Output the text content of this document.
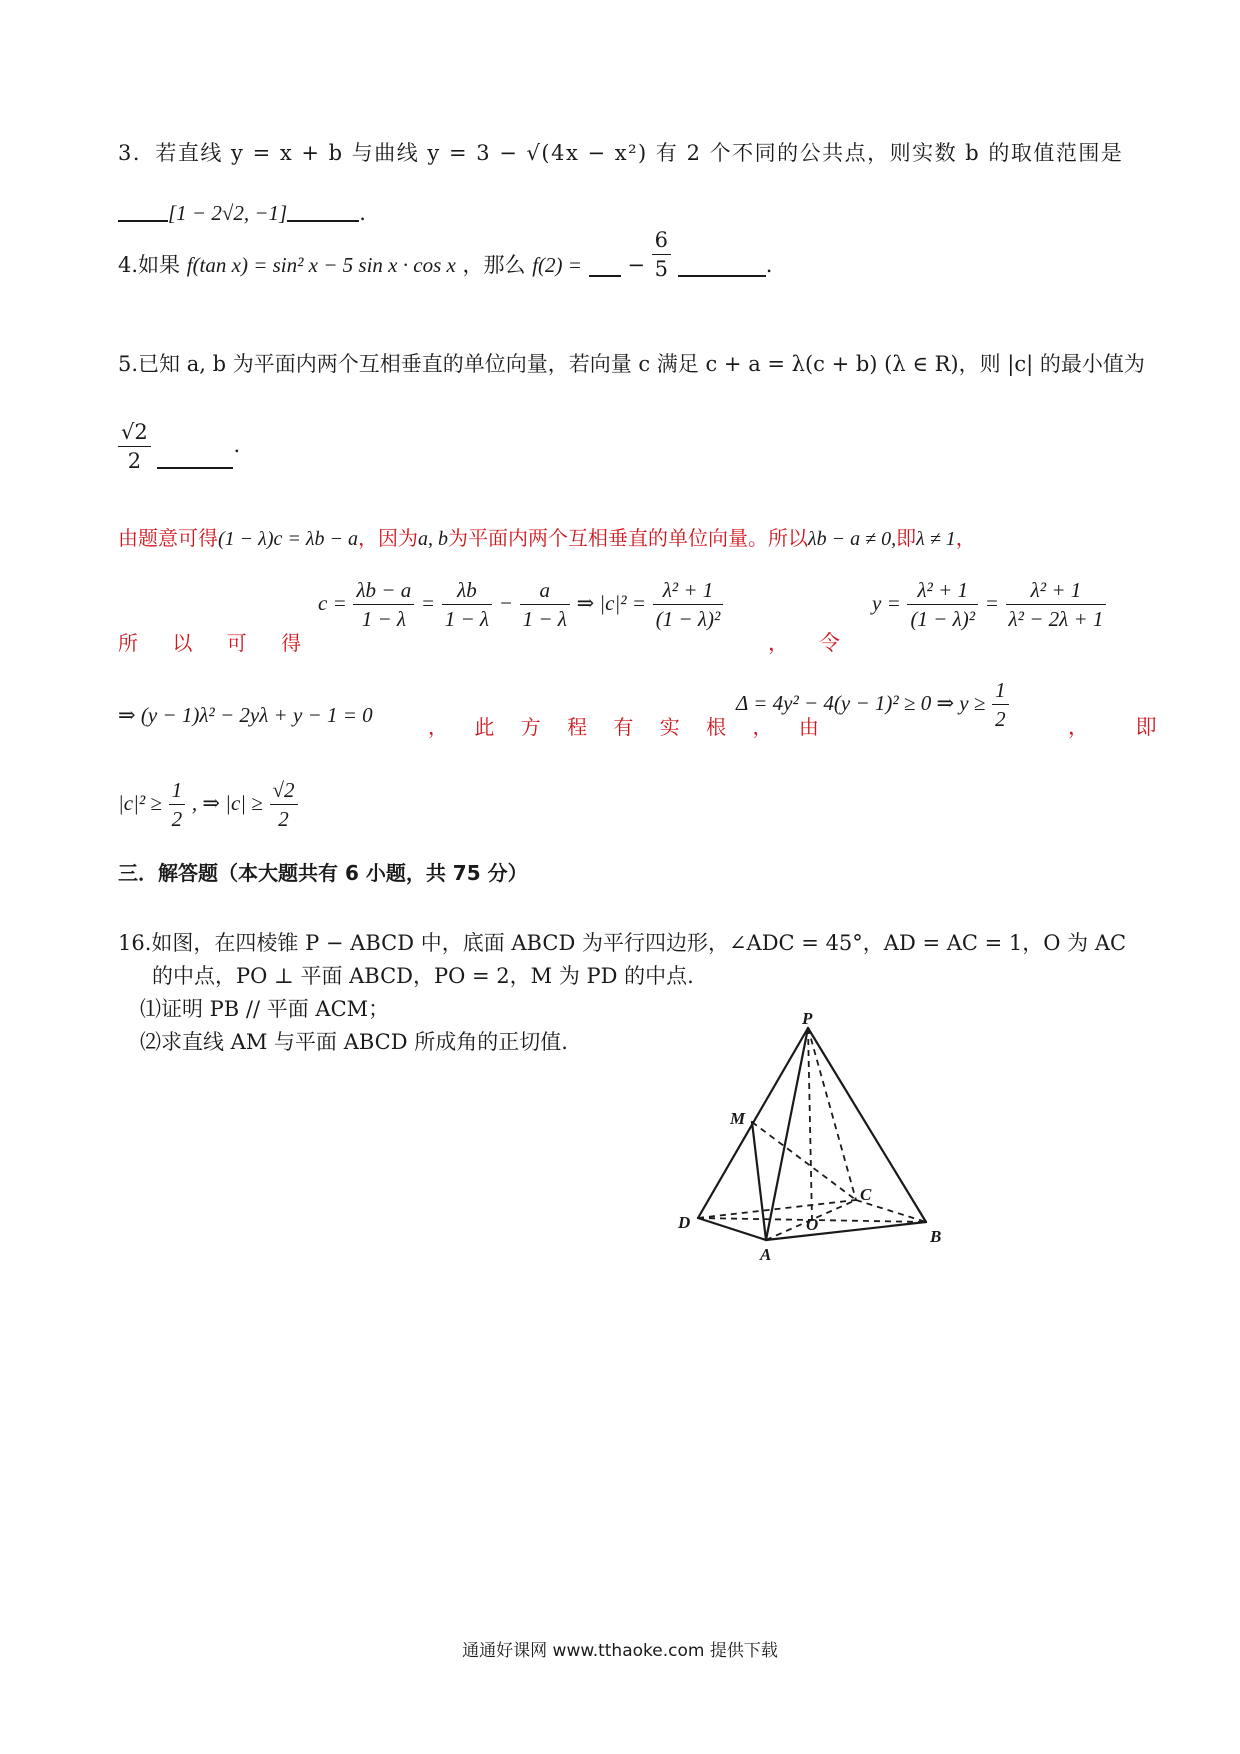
3．若直线 y = x + b 与曲线 y = 3 − √(4x − x²) 有 2 个不同的公共点，则实数 b 的取值范围是
[1 − 2√2, −1]	.
4.如果 f(tan x) = sin² x − 5 sin x · cos x ，那么 f(2) = − $\frac{6}{5}$	.
5.已知 a, b 为平面内两个互相垂直的单位向量，若向量 c 满足 c + a = λ(c + b) (λ ∈ R)，则 |c| 的最小值为
$\frac{√2}{2}$	.
由题意可得(1 − λ)c = λb − a，因为a, b为平面内两个互相垂直的单位向量。所以λb − a ≠ 0,即λ ≠ 1，
所 以 可 得
$c = \frac{\lambda b - a}{1 - \lambda} = \frac{\lambda b}{1 - \lambda} - \frac{a}{1 - \lambda}$ ⇒ $|c|^2 = \frac{\text{λ² + 1}}{\text{(1 − λ)²}}$
，令
$y = \frac{\text{λ² + 1}}{\text{(1 − λ)²}} = \frac{\text{λ² + 1}}{\text{λ² − 2λ + 1}}$
⇒ (y − 1)λ² − 2yλ + y − 1 = 0	， 此 方 程 有 实 根 ， 由
Δ = 4y² − 4(y − 1)² ≥ 0 ⇒ $y \ge \frac{1}{2}$	， 即
$|c|^2 \ge \frac{1}{2}$ , ⇒ $|c| \ge \frac{√2}{2}$
三．解答题（本大题共有 6 小题，共 75 分）
16.如图，在四棱锥 P − ABCD 中，底面 ABCD 为平行四边形，∠ADC = 45°，AD = AC = 1，O 为 AC
的中点，PO ⊥ 平面 ABCD，PO = 2，M 为 PD 的中点.
⑴证明 PB // 平面 ACM；
⑵求直线 AM 与平面 ABCD 所成角的正切值.
P
M
C
D	O
A
B
通通好课网 www.tthaoke.com 提供下载
